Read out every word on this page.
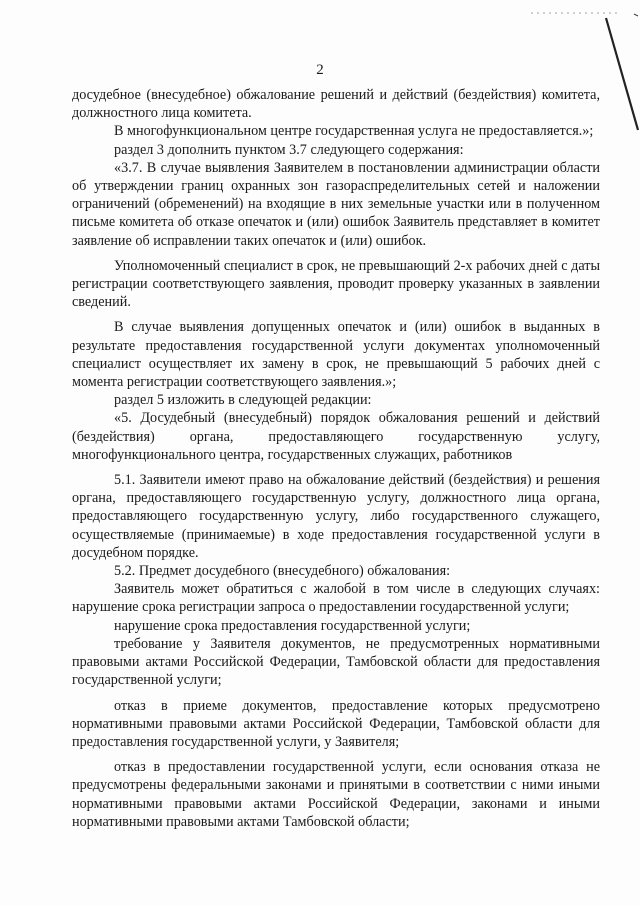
2

досудебное (внесудебное) обжалование решений и действий (бездействия) комитета, должностного лица комитета.

В многофункциональном центре государственная услуга не предоставляется.»;

раздел 3 дополнить пунктом 3.7 следующего содержания:

«3.7. В случае выявления Заявителем в постановлении администрации области об утверждении границ охранных зон газораспределительных сетей и наложении ограничений (обременений) на входящие в них земельные участки или в полученном письме комитета об отказе опечаток и (или) ошибок Заявитель представляет в комитет заявление об исправлении таких опечаток и (или) ошибок.

Уполномоченный специалист в срок, не превышающий 2-х рабочих дней с даты регистрации соответствующего заявления, проводит проверку указанных в заявлении сведений.

В случае выявления допущенных опечаток и (или) ошибок в выданных в результате предоставления государственной услуги документах уполномоченный специалист осуществляет их замену в срок, не превышающий 5 рабочих дней с момента регистрации соответствующего заявления.»;

раздел 5 изложить в следующей редакции:

«5. Досудебный (внесудебный) порядок обжалования решений и действий (бездействия) органа, предоставляющего государственную услугу, многофункционального центра, государственных служащих, работников

5.1. Заявители имеют право на обжалование действий (бездействия) и решения органа, предоставляющего государственную услугу, должностного лица органа, предоставляющего государственную услугу, либо государственного служащего, осуществляемые (принимаемые) в ходе предоставления государственной услуги в досудебном порядке.

5.2. Предмет досудебного (внесудебного) обжалования:

Заявитель может обратиться с жалобой в том числе в следующих случаях: нарушение срока регистрации запроса о предоставлении государственной услуги;

нарушение срока предоставления государственной услуги;

требование у Заявителя документов, не предусмотренных нормативными правовыми актами Российской Федерации, Тамбовской области для предоставления государственной услуги;

отказ в приеме документов, предоставление которых предусмотрено нормативными правовыми актами Российской Федерации, Тамбовской области для предоставления государственной услуги, у Заявителя;

отказ в предоставлении государственной услуги, если основания отказа не предусмотрены федеральными законами и принятыми в соответствии с ними иными нормативными правовыми актами Российской Федерации, законами и иными нормативными правовыми актами Тамбовской области;
